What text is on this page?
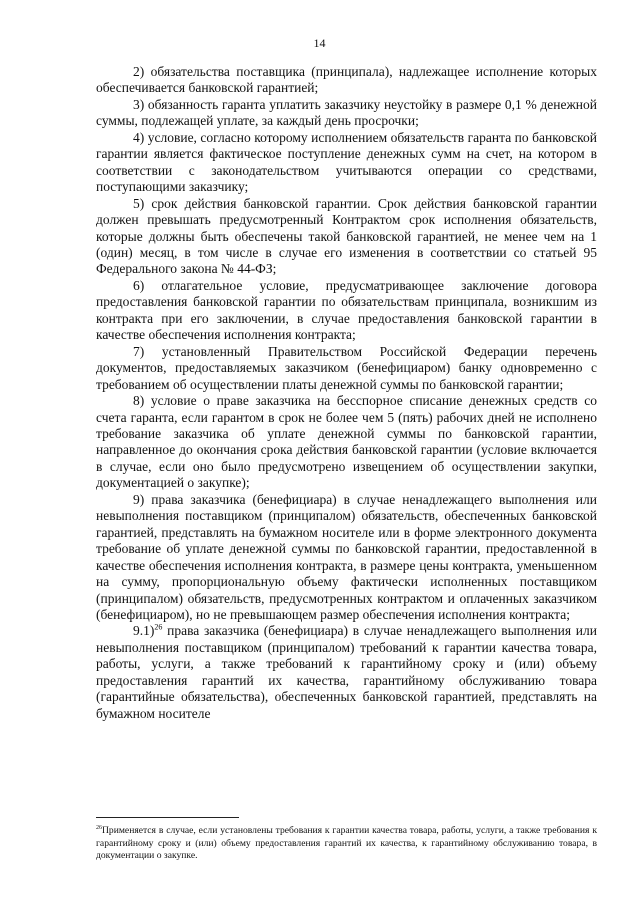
14

2) обязательства поставщика (принципала), надлежащее исполнение которых обеспечивается банковской гарантией;

3) обязанность гаранта уплатить заказчику неустойку в размере 0,1 % денежной суммы, подлежащей уплате, за каждый день просрочки;

4) условие, согласно которому исполнением обязательств гаранта по банковской гарантии является фактическое поступление денежных сумм на счет, на котором в соответствии с законодательством учитываются операции со средствами, поступающими заказчику;

5) срок действия банковской гарантии. Срок действия банковской гарантии должен превышать предусмотренный Контрактом срок исполнения обязательств, которые должны быть обеспечены такой банковской гарантией, не менее чем на 1 (один) месяц, в том числе в случае его изменения в соответствии со статьей 95 Федерального закона № 44-ФЗ;

6) отлагательное условие, предусматривающее заключение договора предоставления банковской гарантии по обязательствам принципала, возникшим из контракта при его заключении, в случае предоставления банковской гарантии в качестве обеспечения исполнения контракта;

7) установленный Правительством Российской Федерации перечень документов, предоставляемых заказчиком (бенефициаром) банку одновременно с требованием об осуществлении платы денежной суммы по банковской гарантии;

8) условие о праве заказчика на бесспорное списание денежных средств со счета гаранта, если гарантом в срок не более чем 5 (пять) рабочих дней не исполнено требование заказчика об уплате денежной суммы по банковской гарантии, направленное до окончания срока действия банковской гарантии (условие включается в случае, если оно было предусмотрено извещением об осуществлении закупки, документацией о закупке);

9) права заказчика (бенефициара) в случае ненадлежащего выполнения или невыполнения поставщиком (принципалом) обязательств, обеспеченных банковской гарантией, представлять на бумажном носителе или в форме электронного документа требование об уплате денежной суммы по банковской гарантии, предоставленной в качестве обеспечения исполнения контракта, в размере цены контракта, уменьшенном на сумму, пропорциональную объему фактически исполненных поставщиком (принципалом) обязательств, предусмотренных контрактом и оплаченных заказчиком (бенефициаром), но не превышающем размер обеспечения исполнения контракта;

9.1)$^{26}$ права заказчика (бенефициара) в случае ненадлежащего выполнения или невыполнения поставщиком (принципалом) требований к гарантии качества товара, работы, услуги, а также требований к гарантийному сроку и (или) объему предоставления гарантий их качества, гарантийному обслуживанию товара (гарантийные обязательства), обеспеченных банковской гарантией, представлять на бумажном носителе

$^{26}$Применяется в случае, если установлены требования к гарантии качества товара, работы, услуги, а также требования к гарантийному сроку и (или) объему предоставления гарантий их качества, к гарантийному обслуживанию товара, в документации о закупке.
